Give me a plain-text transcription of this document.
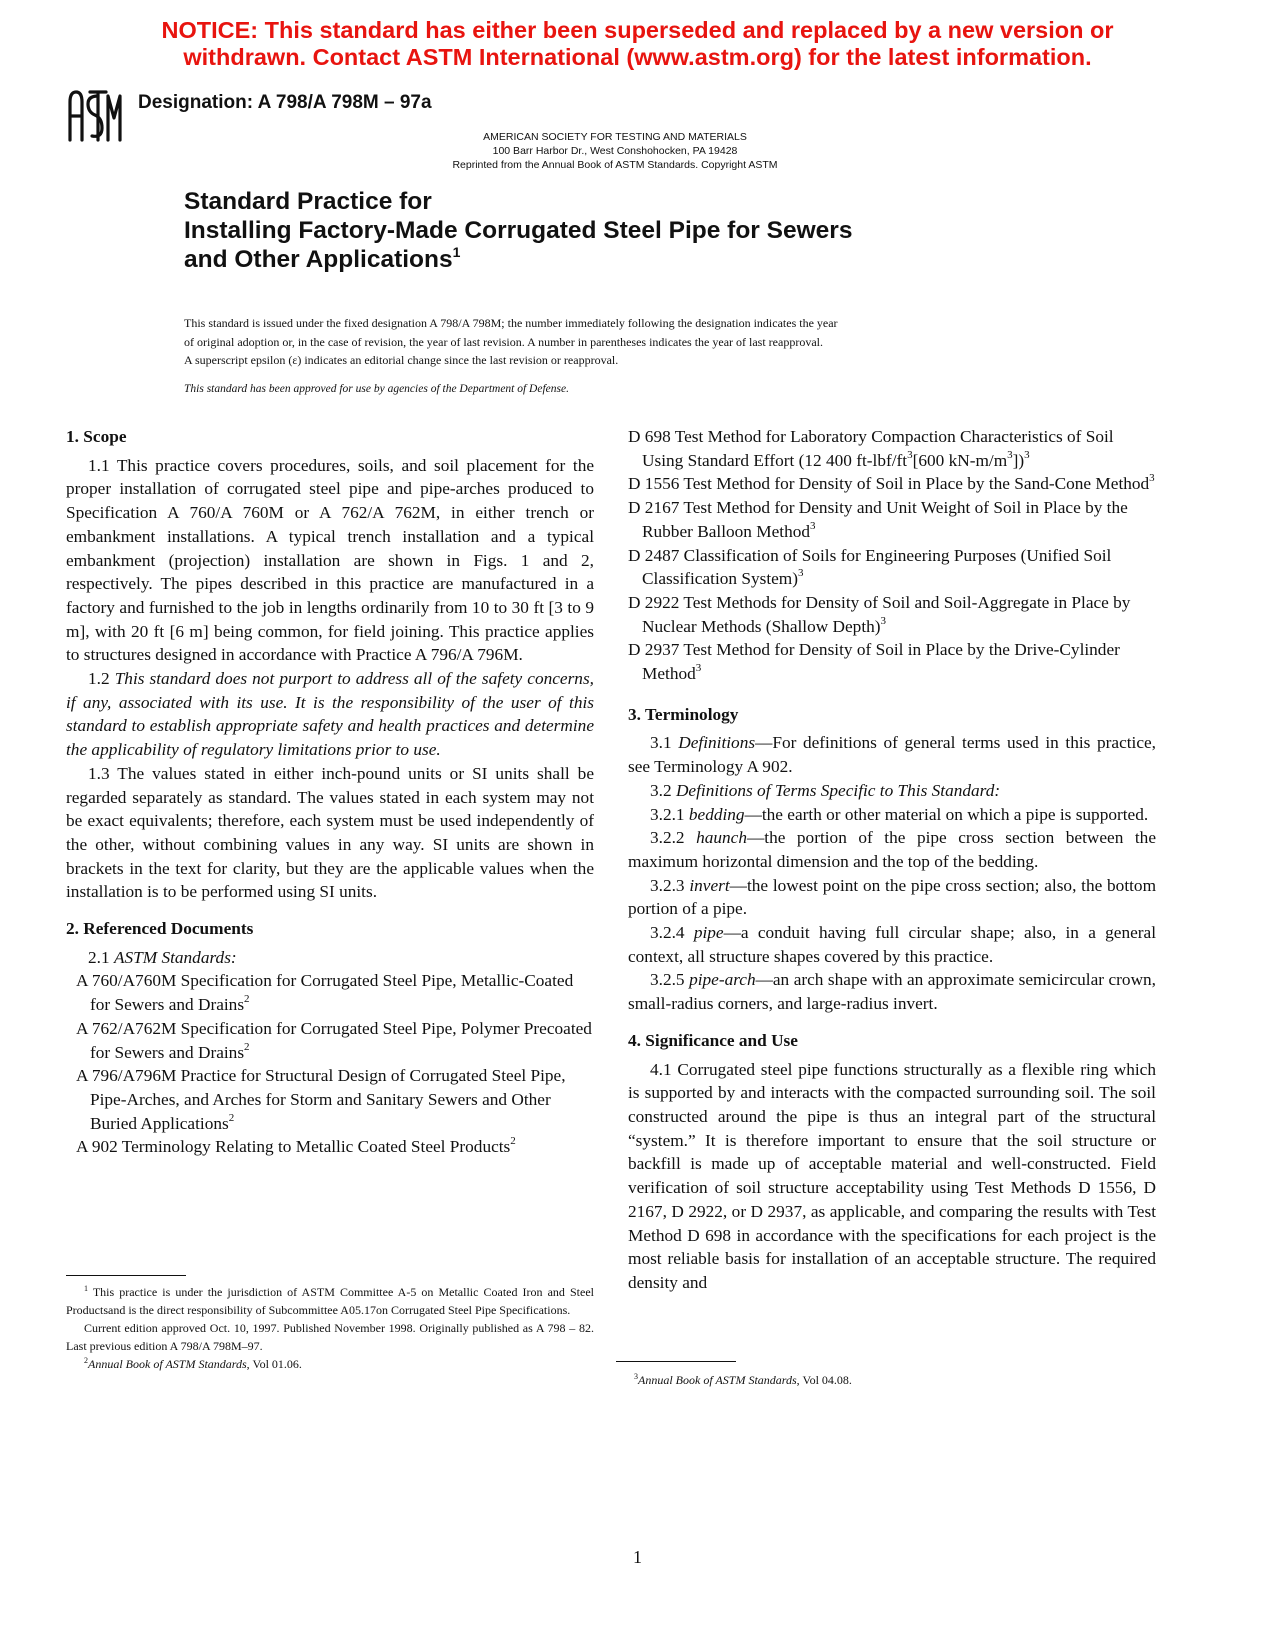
NOTICE: This standard has either been superseded and replaced by a new version or
withdrawn. Contact ASTM International (www.astm.org) for the latest information.
Designation: A 798/A 798M – 97a
AMERICAN SOCIETY FOR TESTING AND MATERIALS
100 Barr Harbor Dr., West Conshohocken, PA 19428
Reprinted from the Annual Book of ASTM Standards. Copyright ASTM
Standard Practice for
Installing Factory-Made Corrugated Steel Pipe for Sewers
and Other Applications$^1$
This standard is issued under the fixed designation A 798/A 798M; the number immediately following the designation indicates the year
of original adoption or, in the case of revision, the year of last revision. A number in parentheses indicates the year of last reapproval.
A superscript epsilon (ε) indicates an editorial change since the last revision or reapproval.
This standard has been approved for use by agencies of the Department of Defense.

1. Scope

1.1 This practice covers procedures, soils, and soil placement for the proper installation of corrugated steel pipe and pipe-arches produced to Specification A 760/A 760M or A 762/A 762M, in either trench or embankment installations. A typical trench installation and a typical embankment (projection) installation are shown in Figs. 1 and 2, respectively. The pipes described in this practice are manufactured in a factory and furnished to the job in lengths ordinarily from 10 to 30 ft [3 to 9 m], with 20 ft [6 m] being common, for field joining. This practice applies to structures designed in accordance with Practice A 796/A 796M.

1.2 This standard does not purport to address all of the safety concerns, if any, associated with its use. It is the responsibility of the user of this standard to establish appropriate safety and health practices and determine the applicability of regulatory limitations prior to use.

1.3 The values stated in either inch-pound units or SI units shall be regarded separately as standard. The values stated in each system may not be exact equivalents; therefore, each system must be used independently of the other, without combining values in any way. SI units are shown in brackets in the text for clarity, but they are the applicable values when the installation is to be performed using SI units.

2. Referenced Documents

2.1 ASTM Standards:

A 760/A760M Specification for Corrugated Steel Pipe, Metallic-Coated for Sewers and Drains$^2$

A 762/A762M Specification for Corrugated Steel Pipe, Polymer Precoated for Sewers and Drains$^2$

A 796/A796M Practice for Structural Design of Corrugated Steel Pipe, Pipe-Arches, and Arches for Storm and Sanitary Sewers and Other Buried Applications$^2$

A 902 Terminology Relating to Metallic Coated Steel Products$^2$

$^1$ This practice is under the jurisdiction of ASTM Committee A-5 on Metallic Coated Iron and Steel Productsand is the direct responsibility of Subcommittee A05.17on Corrugated Steel Pipe Specifications.

Current edition approved Oct. 10, 1997. Published November 1998. Originally published as A 798 – 82. Last previous edition A 798/A 798M–97.

$^2$Annual Book of ASTM Standards, Vol 01.06.

D 698 Test Method for Laboratory Compaction Characteristics of Soil Using Standard Effort (12 400 $ft-lbf/ft^3[600$ $kN-m/m^3])^3$

D 1556 Test Method for Density of Soil in Place by the Sand-Cone Method$^3$

D 2167 Test Method for Density and Unit Weight of Soil in Place by the Rubber Balloon Method$^3$

D 2487 Classification of Soils for Engineering Purposes (Unified Soil Classification System)$^3$

D 2922 Test Methods for Density of Soil and Soil-Aggregate in Place by Nuclear Methods (Shallow Depth)$^3$

D 2937 Test Method for Density of Soil in Place by the Drive-Cylinder Method$^3$

3. Terminology

3.1 Definitions—For definitions of general terms used in this practice, see Terminology A 902.

3.2 Definitions of Terms Specific to This Standard:

3.2.1 bedding—the earth or other material on which a pipe is supported.

3.2.2 haunch—the portion of the pipe cross section between the maximum horizontal dimension and the top of the bedding.

3.2.3 invert—the lowest point on the pipe cross section; also, the bottom portion of a pipe.

3.2.4 pipe—a conduit having full circular shape; also, in a general context, all structure shapes covered by this practice.

3.2.5 pipe-arch—an arch shape with an approximate semicircular crown, small-radius corners, and large-radius invert.

4. Significance and Use

4.1 Corrugated steel pipe functions structurally as a flexible ring which is supported by and interacts with the compacted surrounding soil. The soil constructed around the pipe is thus an integral part of the structural “system.” It is therefore important to ensure that the soil structure or backfill is made up of acceptable material and well-constructed. Field verification of soil structure acceptability using Test Methods D 1556, D 2167, D 2922, or D 2937, as applicable, and comparing the results with Test Method D 698 in accordance with the specifications for each project is the most reliable basis for installation of an acceptable structure. The required density and

$^3$Annual Book of ASTM Standards, Vol 04.08.

1
